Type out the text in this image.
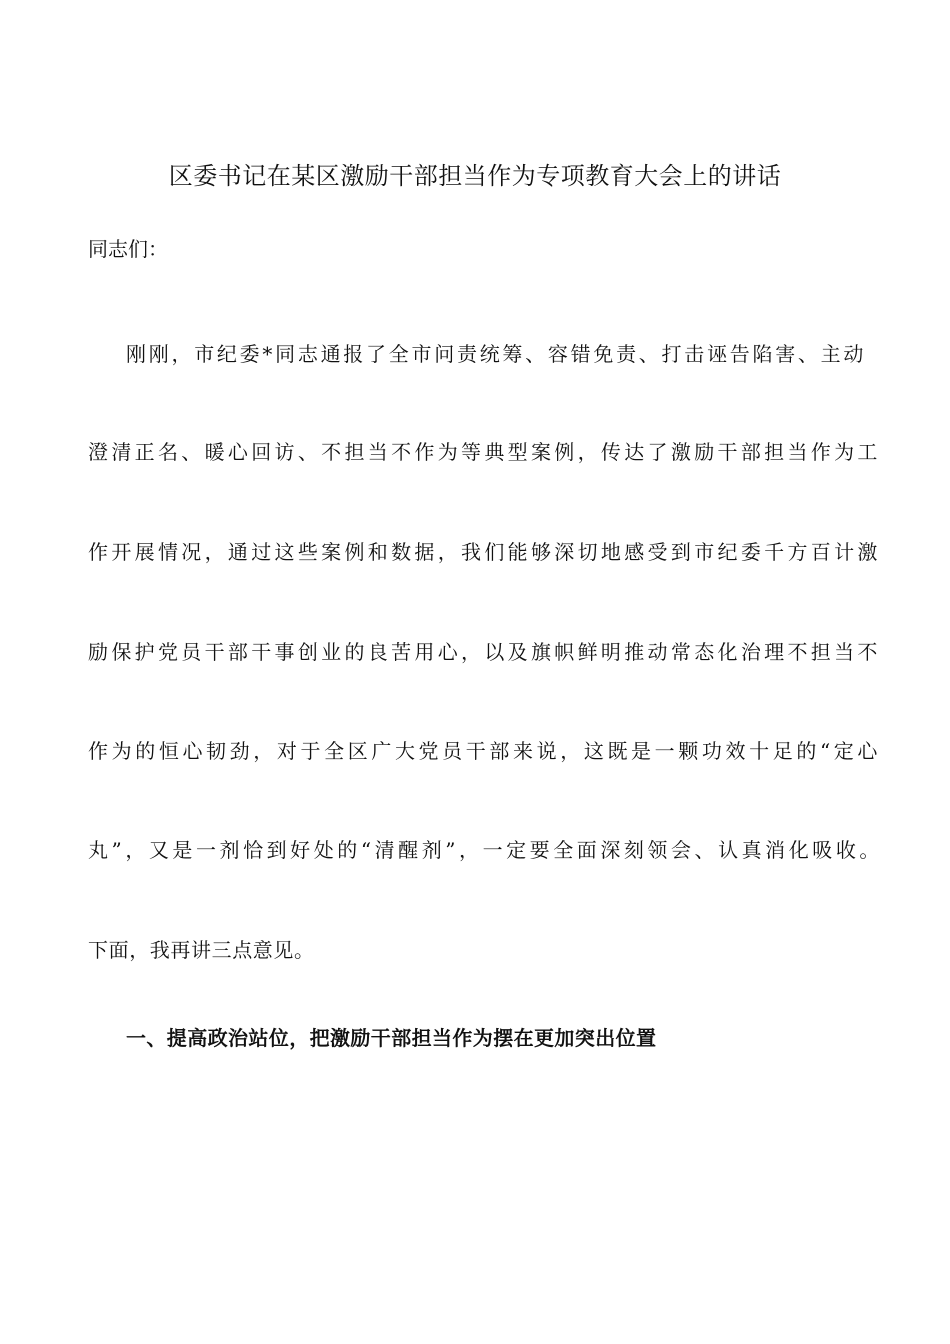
区委书记在某区激励干部担当作为专项教育大会上的讲话
同志们：
刚刚，市纪委*同志通报了全市问责统筹、容错免责、打击诬告陷害、主动
澄清正名、暖心回访、不担当不作为等典型案例，传达了激励干部担当作为工
作开展情况，通过这些案例和数据，我们能够深切地感受到市纪委千方百计激
励保护党员干部干事创业的良苦用心，以及旗帜鲜明推动常态化治理不担当不
作为的恒心韧劲，对于全区广大党员干部来说，这既是一颗功效十足的“定心
丸”，又是一剂恰到好处的“清醒剂”，一定要全面深刻领会、认真消化吸收。
下面，我再讲三点意见。
一、提高政治站位，把激励干部担当作为摆在更加突出位置
